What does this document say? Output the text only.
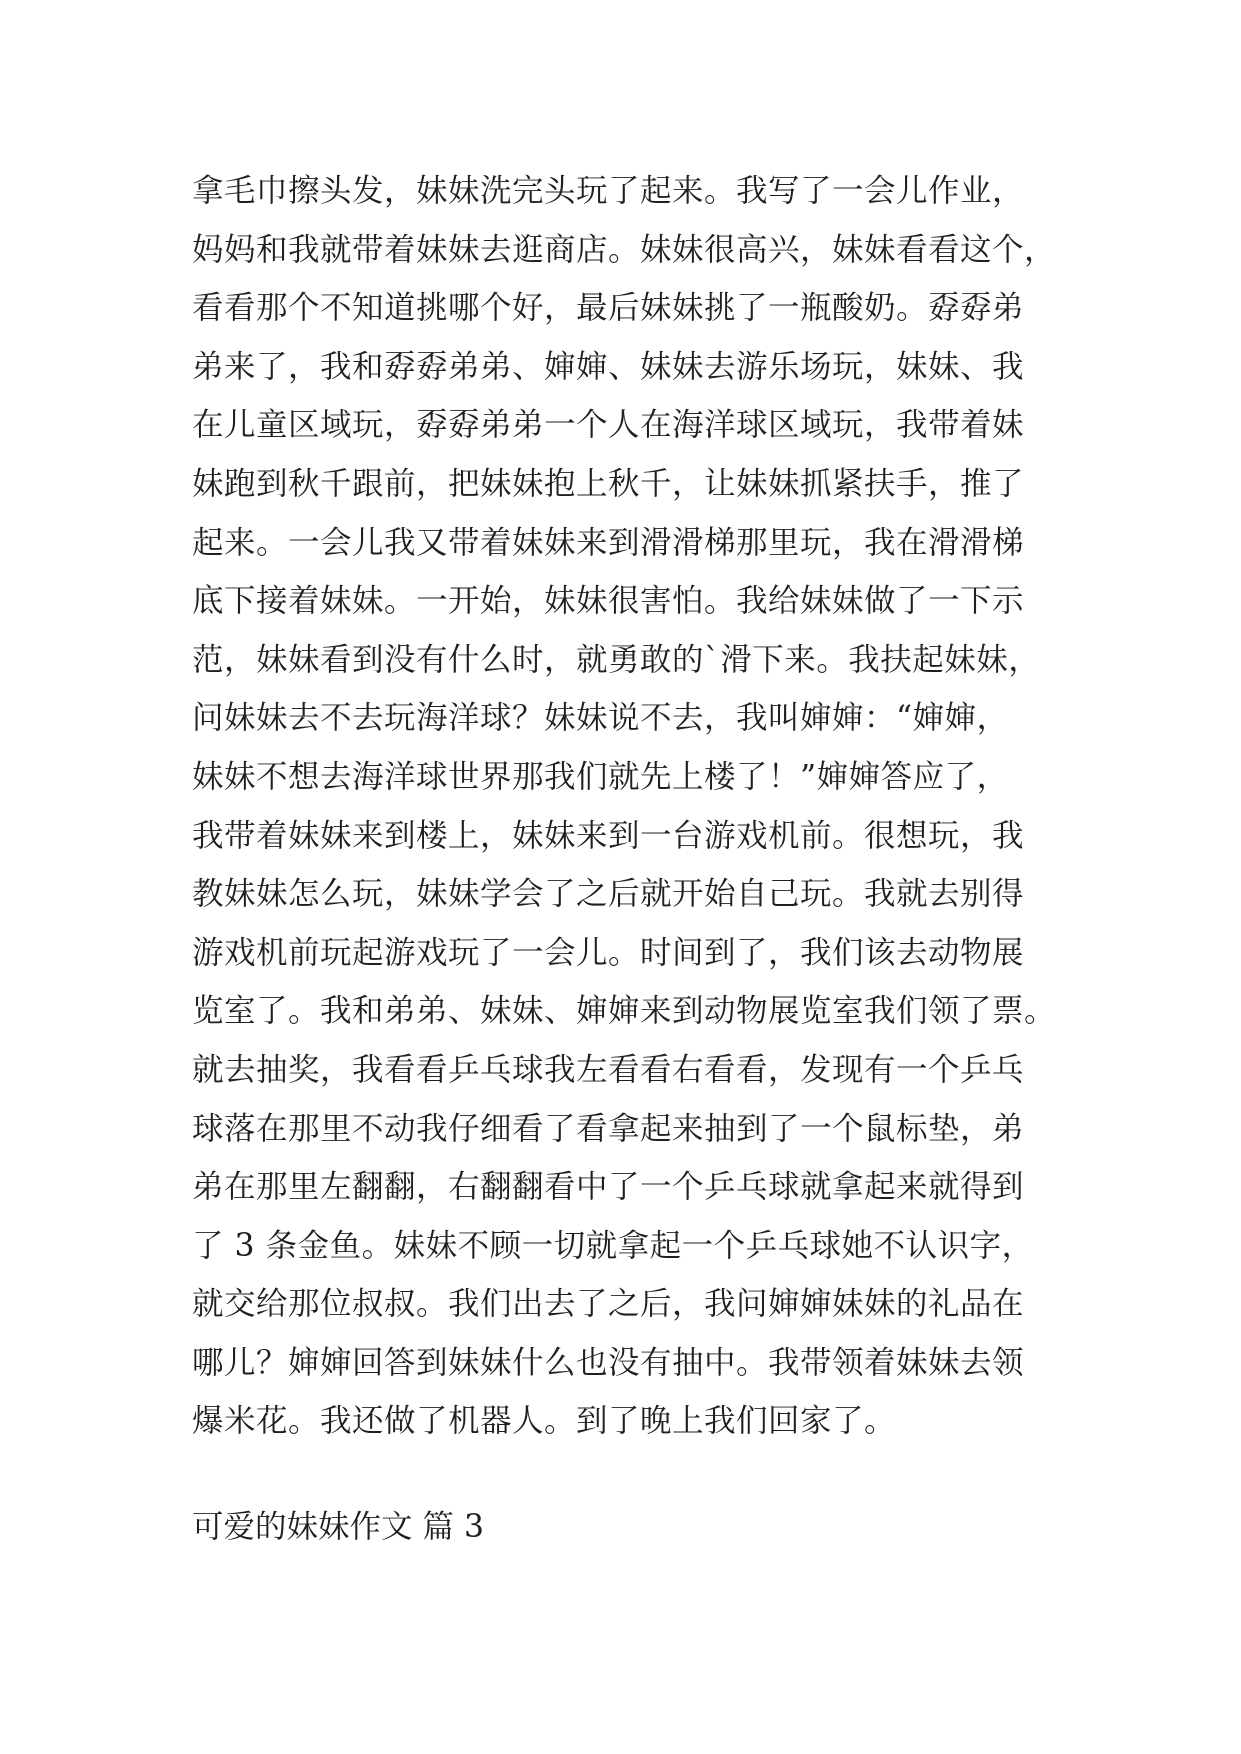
拿毛巾擦头发，妹妹洗完头玩了起来。我写了一会儿作业，
妈妈和我就带着妹妹去逛商店。妹妹很高兴，妹妹看看这个，
看看那个不知道挑哪个好，最后妹妹挑了一瓶酸奶。孬孬弟
弟来了，我和孬孬弟弟、婶婶、妹妹去游乐场玩，妹妹、我
在儿童区域玩，孬孬弟弟一个人在海洋球区域玩，我带着妹
妹跑到秋千跟前，把妹妹抱上秋千，让妹妹抓紧扶手，推了
起来。一会儿我又带着妹妹来到滑滑梯那里玩，我在滑滑梯
底下接着妹妹。一开始，妹妹很害怕。我给妹妹做了一下示
范，妹妹看到没有什么时，就勇敢的`滑下来。我扶起妹妹，
问妹妹去不去玩海洋球？妹妹说不去，我叫婶婶：“婶婶，
妹妹不想去海洋球世界那我们就先上楼了！”婶婶答应了，
我带着妹妹来到楼上，妹妹来到一台游戏机前。很想玩，我
教妹妹怎么玩，妹妹学会了之后就开始自己玩。我就去别得
游戏机前玩起游戏玩了一会儿。时间到了，我们该去动物展
览室了。我和弟弟、妹妹、婶婶来到动物展览室我们领了票。
就去抽奖，我看看乒乓球我左看看右看看，发现有一个乒乓
球落在那里不动我仔细看了看拿起来抽到了一个鼠标垫，弟
弟在那里左翻翻，右翻翻看中了一个乒乓球就拿起来就得到
了 3 条金鱼。妹妹不顾一切就拿起一个乒乓球她不认识字，
就交给那位叔叔。我们出去了之后，我问婶婶妹妹的礼品在
哪儿？婶婶回答到妹妹什么也没有抽中。我带领着妹妹去领
爆米花。我还做了机器人。到了晚上我们回家了。
可爱的妹妹作文 篇 3
